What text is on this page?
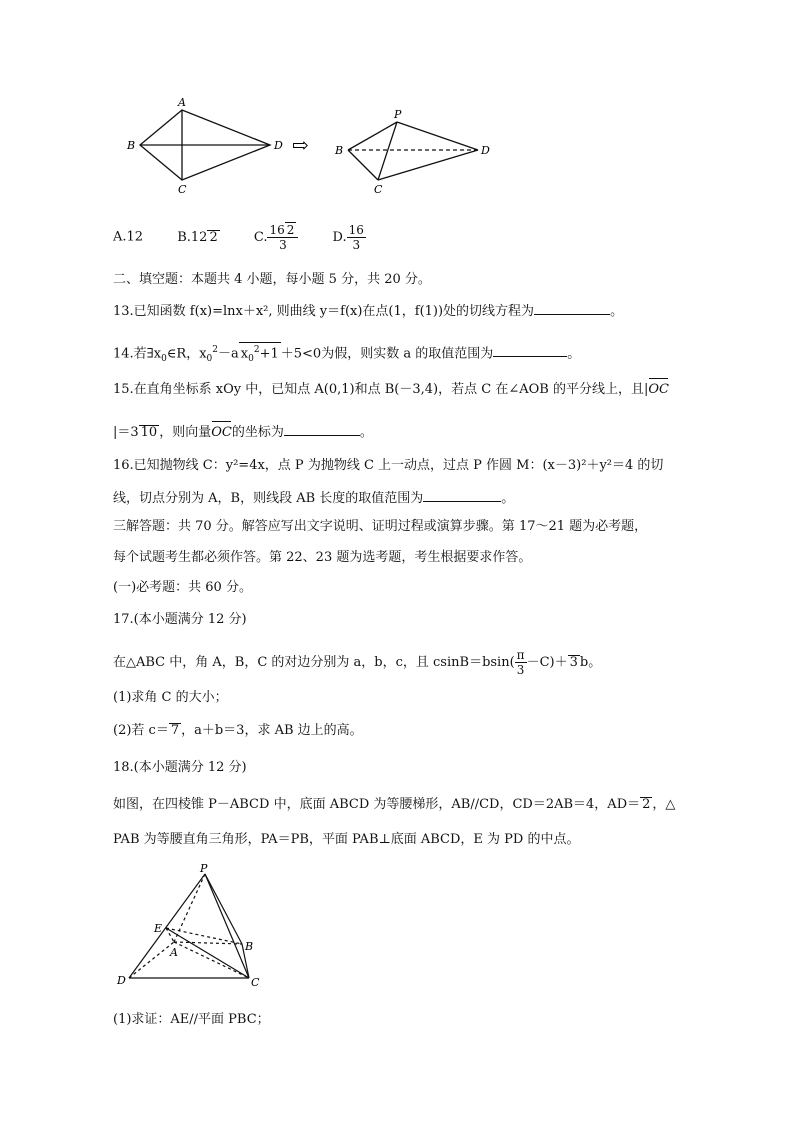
A
B
C
D ⇨
P
B
C
D
A.12	B.12 2	C. $\frac{16 2}{3}$	D. $\frac{16}{3}$
二、填空题：本题共 4 小题，每小题 5 分，共 20 分。
13.已知函数 f(x)=lnx＋x², 则曲线 y＝f(x)在点(1，f(1))处的切线方程为	。
14.若$\exists x_0\in R$，$x_0^2-a$ $x_0^2+1 +5<0$为假，则实数 a 的取值范围为	。
15.在直角坐标系 xOy 中，已知点 A(0,1)和点 B(－3,4)，若点 C 在∠AOB 的平分线上，且|OC
|＝3 10 ，则向量OC的坐标为	。
16.已知抛物线 C：y²=4x，点 P 为抛物线 C 上一动点，过点 P 作圆 M：(x－3)²＋y²＝4 的切
线，切点分别为 A，B，则线段 AB 长度的取值范围为	。
三解答题：共 70 分。解答应写出文字说明、证明过程或演算步骤。第 17～21 题为必考题，
每个试题考生都必须作答。第 22、23 题为选考题，考生根据要求作答。
(一)必考题：共 60 分。
17.(本小题满分 12 分)
在△ABC 中，角 A，B，C 的对边分别为 a，b，c，且 $csinB=bsin( \frac{\pi}{3} -C)+ 3$ b。
(1)求角 C 的大小；
(2)若 c＝ 7 ，a＋b＝3，求 AB 边上的高。
18.(本小题满分 12 分)
如图，在四棱锥 P－ABCD 中，底面 ABCD 为等腰梯形，AB//CD，CD＝2AB＝4，AD＝ 2 ，△
PAB 为等腰直角三角形，PA＝PB，平面 PAB⊥底面 ABCD，E 为 PD 的中点。
P
E
A	B
D	C
(1)求证：AE//平面 PBC；
